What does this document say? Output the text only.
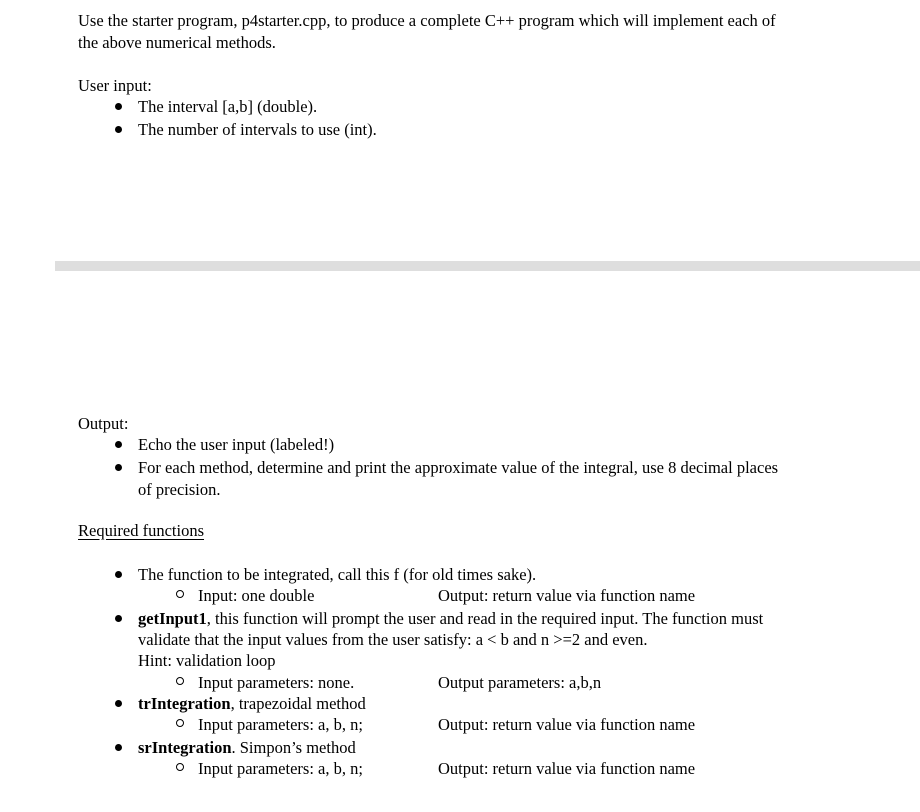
Use the starter program, p4starter.cpp, to produce a complete C++ program which will implement each of
the above numerical methods.
User input:
The interval [a,b] (double).
The number of intervals to use (int).
Output:
Echo the user input (labeled!)
For each method, determine and print the approximate value of the integral, use 8 decimal places
of precision.
Required functions
The function to be integrated, call this f (for old times sake).
Input: one double	Output: return value via function name
getInput1, this function will prompt the user and read in the required input. The function must
validate that the input values from the user satisfy: a < b and n >=2 and even.
Hint: validation loop
Input parameters: none.	Output parameters: a,b,n
trIntegration, trapezoidal method
Input parameters: a, b, n;	Output: return value via function name
srIntegration. Simpon’s method
Input parameters: a, b, n;	Output: return value via function name
